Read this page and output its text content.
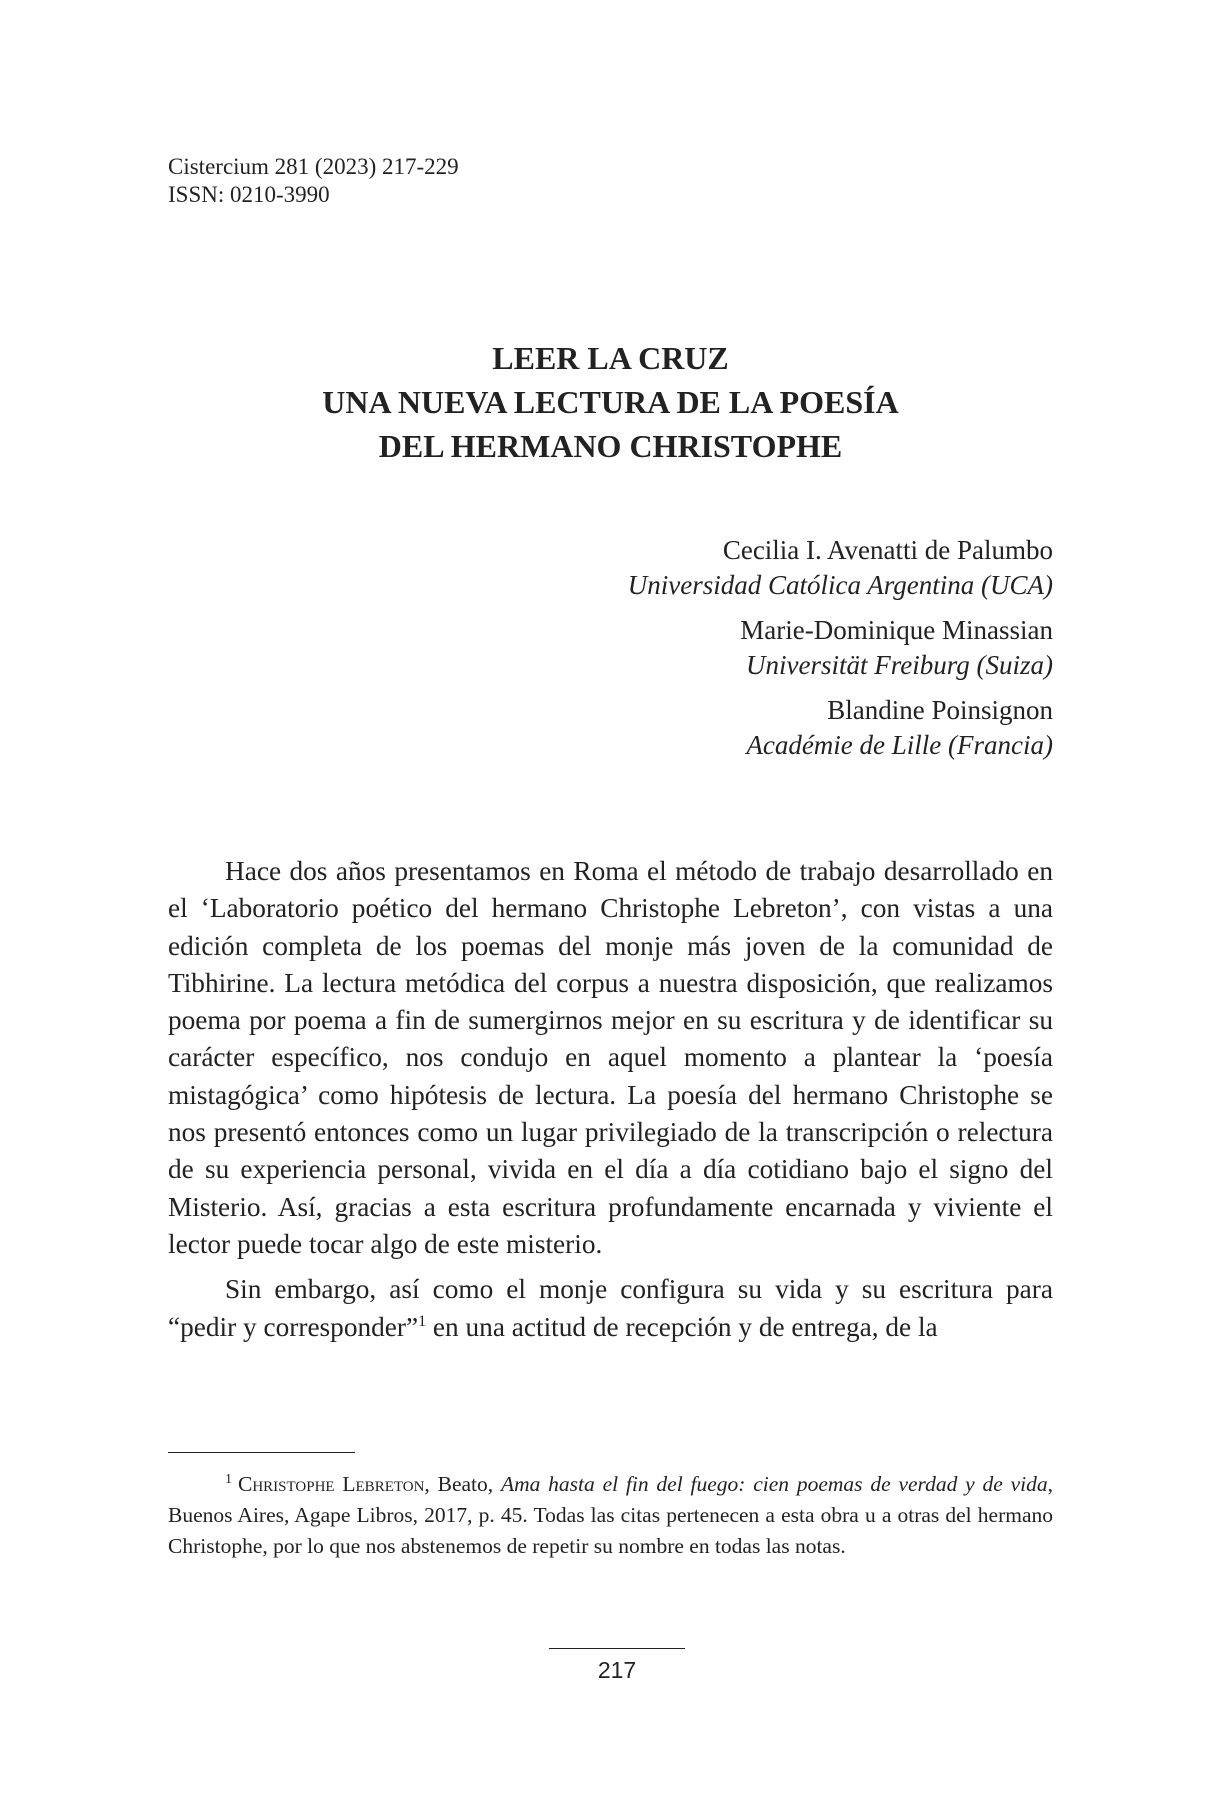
Cistercium 281 (2023) 217-229
ISSN: 0210-3990
LEER LA CRUZ
UNA NUEVA LECTURA DE LA POESÍA
DEL HERMANO CHRISTOPHE
Cecilia I. Avenatti de Palumbo
Universidad Católica Argentina (UCA)
Marie-Dominique Minassian
Universität Freiburg (Suiza)
Blandine Poinsignon
Académie de Lille (Francia)

Hace dos años presentamos en Roma el método de trabajo desarrollado en el ‘Laboratorio poético del hermano Christophe Lebreton’, con vistas a una edición completa de los poemas del monje más joven de la comunidad de Tibhirine. La lectura metódica del corpus a nuestra disposición, que realizamos poema por poema a fin de sumergirnos mejor en su escritura y de identificar su carácter específico, nos condujo en aquel momento a plantear la ‘poesía mistagógica’ como hipótesis de lectura. La poesía del hermano Christophe se nos presentó entonces como un lugar privilegiado de la transcripción o relectura de su experiencia personal, vivida en el día a día cotidiano bajo el signo del Misterio. Así, gracias a esta escritura profundamente encarnada y viviente el lector puede tocar algo de este misterio.

Sin embargo, así como el monje configura su vida y su escritura para “pedir y corresponder”$^1$ en una actitud de recepción y de entrega, de la

$^1$ Christophe Lebreton, Beato, Ama hasta el fin del fuego: cien poemas de verdad y de vida, Buenos Aires, Agape Libros, 2017, p. 45. Todas las citas pertenecen a esta obra u a otras del hermano Christophe, por lo que nos abstenemos de repetir su nombre en todas las notas.

217
